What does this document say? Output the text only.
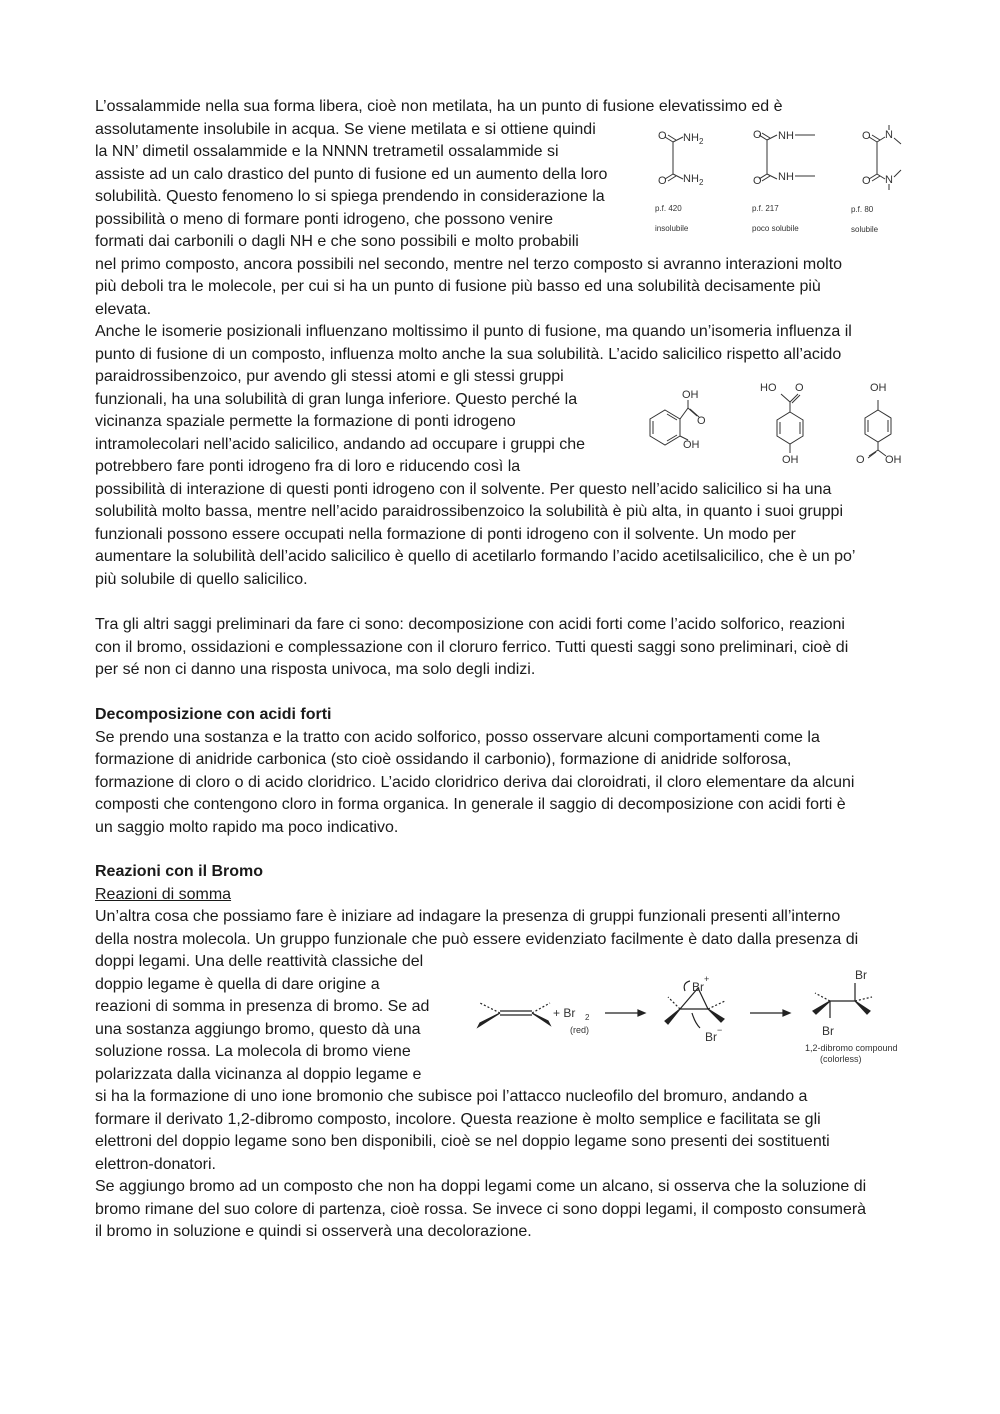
L’ossalammide nella sua forma libera, cioè non metilata, ha un punto di fusione elevatissimo ed è
assolutamente insolubile in acqua. Se viene metilata e si ottiene quindi
la NN’ dimetil ossalammide e la NNNN tretrametil ossalammide si
assiste ad un calo drastico del punto di fusione ed un aumento della loro
solubilità. Questo fenomeno lo si spiega prendendo in considerazione la
possibilità o meno di formare ponti idrogeno, che possono venire
formati dai carbonili o dagli NH e che sono possibili e molto probabili
nel primo composto, ancora possibili nel secondo, mentre nel terzo composto si avranno interazioni molto
più deboli tra le molecole, per cui si ha un punto di fusione più basso ed una solubilità decisamente più
elevata.
Anche le isomerie posizionali influenzano moltissimo il punto di fusione, ma quando un’isomeria influenza il
punto di fusione di un composto, influenza molto anche la sua solubilità. L’acido salicilico rispetto all’acido
paraidrossibenzoico, pur avendo gli stessi atomi e gli stessi gruppi
funzionali, ha una solubilità di gran lunga inferiore. Questo perché la
vicinanza spaziale permette la formazione di ponti idrogeno
intramolecolari nell’acido salicilico, andando ad occupare i gruppi che
potrebbero fare ponti idrogeno fra di loro e riducendo così la
possibilità di interazione di questi ponti idrogeno con il solvente. Per questo nell’acido salicilico si ha una
solubilità molto bassa, mentre nell’acido paraidrossibenzoico la solubilità è più alta, in quanto i suoi gruppi
funzionali possono essere occupati nella formazione di ponti idrogeno con il solvente. Un modo per
aumentare la solubilità dell’acido salicilico è quello di acetilarlo formando l’acido acetilsalicilico, che è un po’
più solubile di quello salicilico.
Tra gli altri saggi preliminari da fare ci sono: decomposizione con acidi forti come l’acido solforico, reazioni
con il bromo, ossidazioni e complessazione con il cloruro ferrico. Tutti questi saggi sono preliminari, cioè di
per sé non ci danno una risposta univoca, ma solo degli indizi.
Decomposizione con acidi forti
Se prendo una sostanza e la tratto con acido solforico, posso osservare alcuni comportamenti come la
formazione di anidride carbonica (sto cioè ossidando il carbonio), formazione di anidride solforosa,
formazione di cloro o di acido cloridrico. L’acido cloridrico deriva dai cloroidrati, il cloro elementare da alcuni
composti che contengono cloro in forma organica. In generale il saggio di decomposizione con acidi forti è
un saggio molto rapido ma poco indicativo.
Reazioni con il Bromo
Reazioni di somma
Un’altra cosa che possiamo fare è iniziare ad indagare la presenza di gruppi funzionali presenti all’interno
della nostra molecola. Un gruppo funzionale che può essere evidenziato facilmente è dato dalla presenza di
doppi legami. Una delle reattività classiche del
doppio legame è quella di dare origine a
reazioni di somma in presenza di bromo. Se ad
una sostanza aggiungo bromo, questo dà una
soluzione rossa. La molecola di bromo viene
polarizzata dalla vicinanza al doppio legame e
si ha la formazione di uno ione bromonio che subisce poi l’attacco nucleofilo del bromuro, andando a
formare il derivato 1,2-dibromo composto, incolore. Questa reazione è molto semplice e facilitata se gli
elettroni del doppio legame sono ben disponibili, cioè se nel doppio legame sono presenti dei sostituenti
elettron-donatori.
Se aggiungo bromo ad un composto che non ha doppi legami come un alcano, si osserva che la soluzione di
bromo rimane del suo colore di partenza, cioè rossa. Se invece ci sono doppi legami, il composto consumerà
il bromo in soluzione e quindi si osserverà una decolorazione.
O NH 2
O NH 2
O NH
O NH
O N
O N
p.f. 420	p.f. 217	p.f. 80
insolubile	poco solubile	solubile
OH
O
OH
HO O
OH
OH
O OH
+ Br 2
(red)
Br
+
Br −
Br
Br
1,2-dibromo compound
(colorless)
